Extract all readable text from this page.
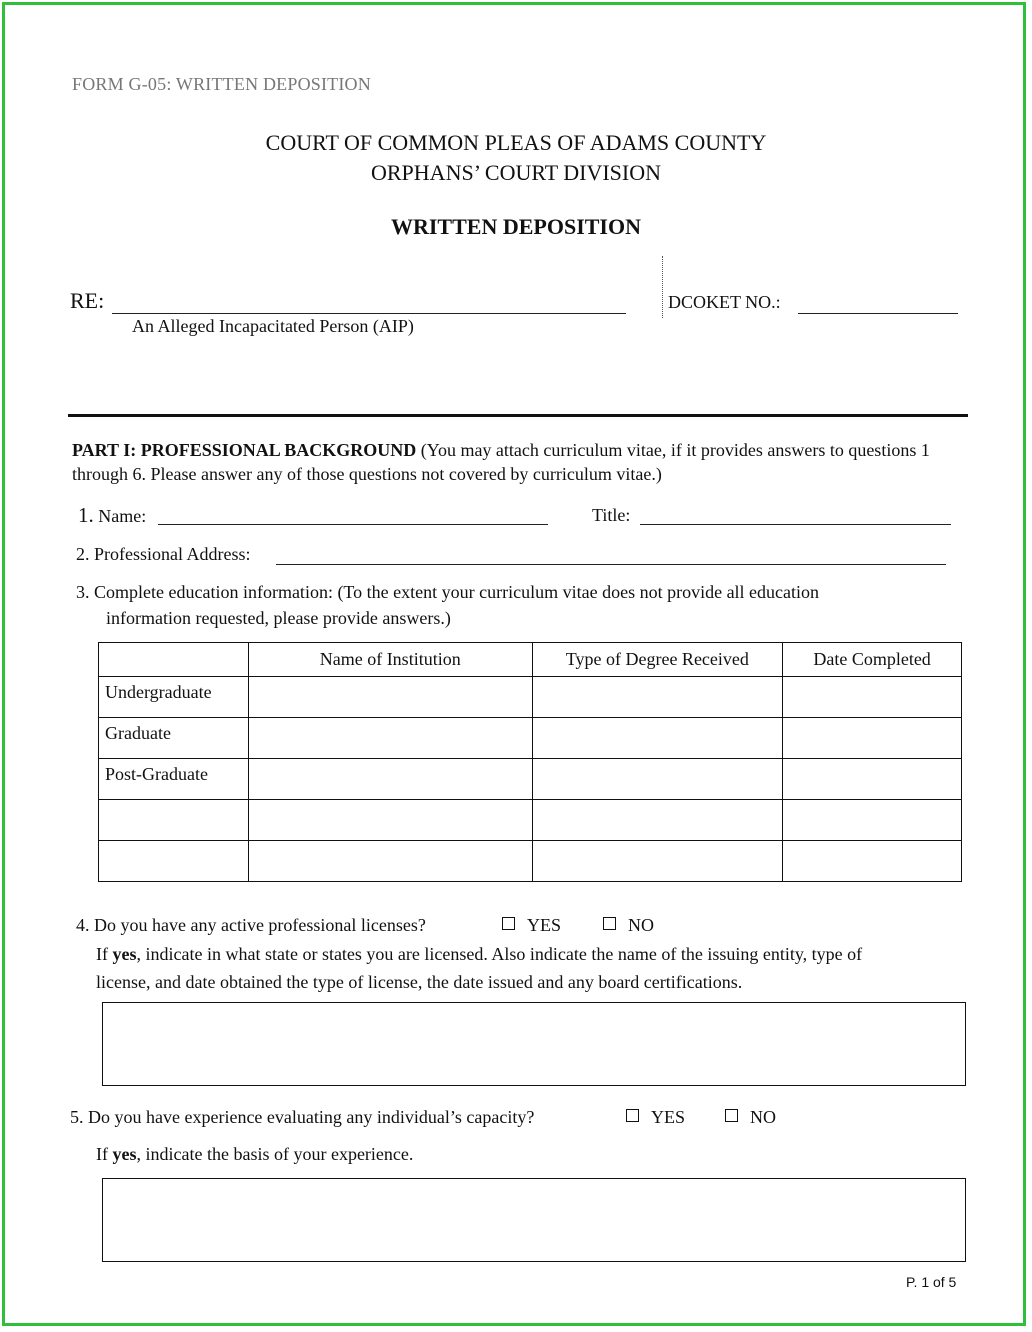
FORM G-05: WRITTEN DEPOSITION
COURT OF COMMON PLEAS OF ADAMS COUNTY
ORPHANS’ COURT DIVISION
WRITTEN DEPOSITION
RE:
An Alleged Incapacitated Person (AIP)
DCOKET NO.:
PART I: PROFESSIONAL BACKGROUND (You may attach curriculum vitae, if it provides answers to questions 1 through 6. Please answer any of those questions not covered by curriculum vitae.)
1. Name:	Title:
2. Professional Address:
3. Complete education information: (To the extent your curriculum vitae does not provide all education
information requested, please provide answers.)
	Name of Institution	Type of Degree Received	Date Completed
Undergraduate			
Graduate			
Post-Graduate			

4. Do you have any active professional licenses?	YES	NO
If yes, indicate in what state or states you are licensed. Also indicate the name of the issuing entity, type of
license, and date obtained the type of license, the date issued and any board certifications.
5. Do you have experience evaluating any individual’s capacity?	YES	NO
If yes, indicate the basis of your experience.
P. 1 of 5
